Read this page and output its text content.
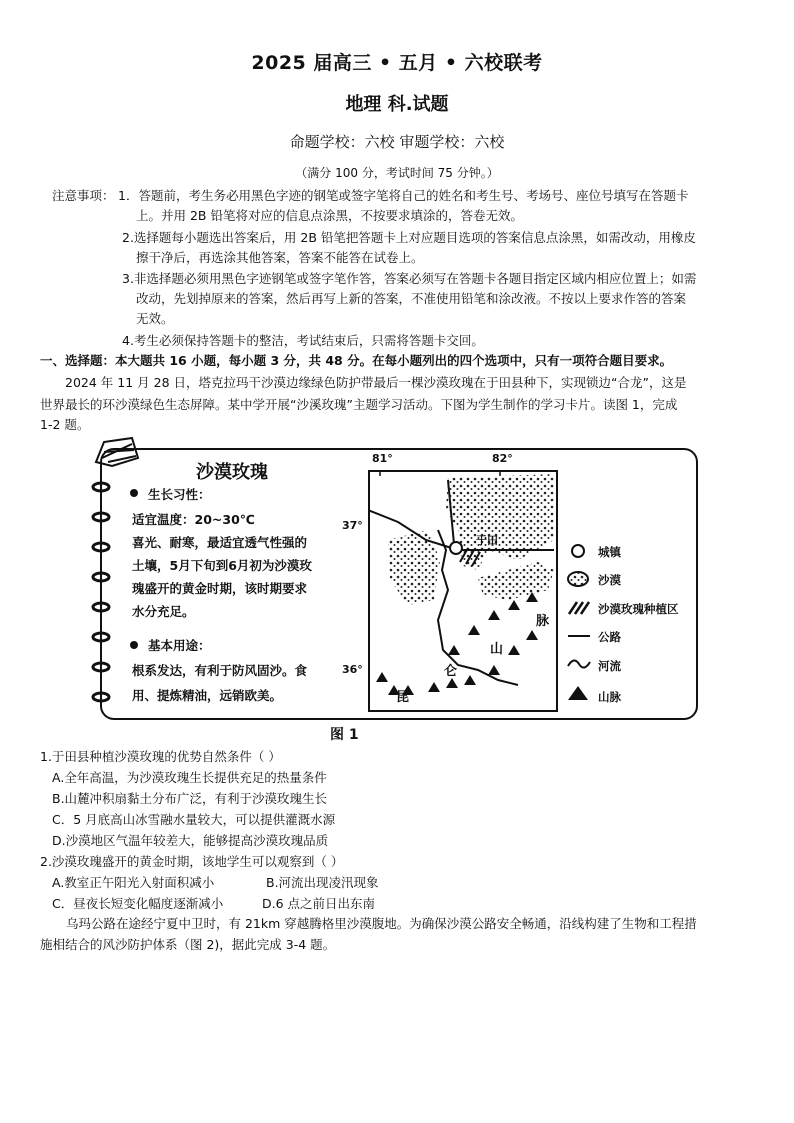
2025 届高三 • 五月 • 六校联考
地理 科.试题
命题学校：六校 审题学校：六校
（满分 100 分，考试时间 75 分钟。）
注意事项： 1．答题前，考生务必用黑色字迹的钢笔或签字笔将自己的姓名和考生号、考场号、座位号填写在答题卡
上。并用 2B 铅笔将对应的信息点涂黑，不按要求填涂的，答卷无效。
2.选择题每小题选出答案后，用 2B 铅笔把答题卡上对应题目选项的答案信息点涂黑，如需改动，用橡皮
擦干净后，再选涂其他答案，答案不能答在试卷上。
3.非选择题必须用黑色字迹钢笔或签字笔作答，答案必须写在答题卡各题目指定区域内相应位置上；如需
改动，先划掉原来的答案，然后再写上新的答案，不准使用铅笔和涂改液。不按以上要求作答的答案
无效。
4.考生必须保持答题卡的整洁，考试结束后，只需将答题卡交回。
一、选择题：本大题共 16 小题，每小题 3 分，共 48 分。在每小题列出的四个选项中，只有一项符合题目要求。
2024 年 11 月 28 日，塔克拉玛干沙漠边缘绿色防护带最后一棵沙漠玫瑰在于田县种下，实现锁边“合龙”，这是
世界最长的环沙漠绿色生态屏障。某中学开展“沙溪玫瑰”主题学习活动。下图为学生制作的学习卡片。读图 1，完成
1-2 题。
沙漠玫瑰
生长习性：
适宜温度：20~30℃
喜光、耐寒，最适宜透气性强的
土壤，5月下旬到6月初为沙漠玫
瑰盛开的黄金时期，该时期要求
水分充足。
基本用途：
根系发达，有利于防风固沙。食
用、提炼精油，远销欧美。
81°	82°
37°
36°
于田
昆
仑
山
脉
城镇
沙漠
沙漠玫瑰种植区
公路
河流
山脉
图 1
1.于田县种植沙漠玫瑰的优势自然条件（ ）
A.全年高温，为沙漠玫瑰生长提供充足的热量条件
B.山麓冲积扇黏土分布广泛，有利于沙漠玫瑰生长
C．5 月底高山冰雪融水量较大，可以提供灌溉水源
D.沙漠地区气温年较差大，能够提高沙漠玫瑰品质
2.沙漠玫瑰盛开的黄金时期，该地学生可以观察到（ ）
A.教室正午阳光入射面积减小	B.河流出现凌汛现象
C．昼夜长短变化幅度逐渐减小	D.6 点之前日出东南
乌玛公路在途经宁夏中卫时，有 21km 穿越腾格里沙漠腹地。为确保沙漠公路安全畅通，沿线构建了生物和工程措
施相结合的风沙防护体系（图 2)，据此完成 3-4 题。
